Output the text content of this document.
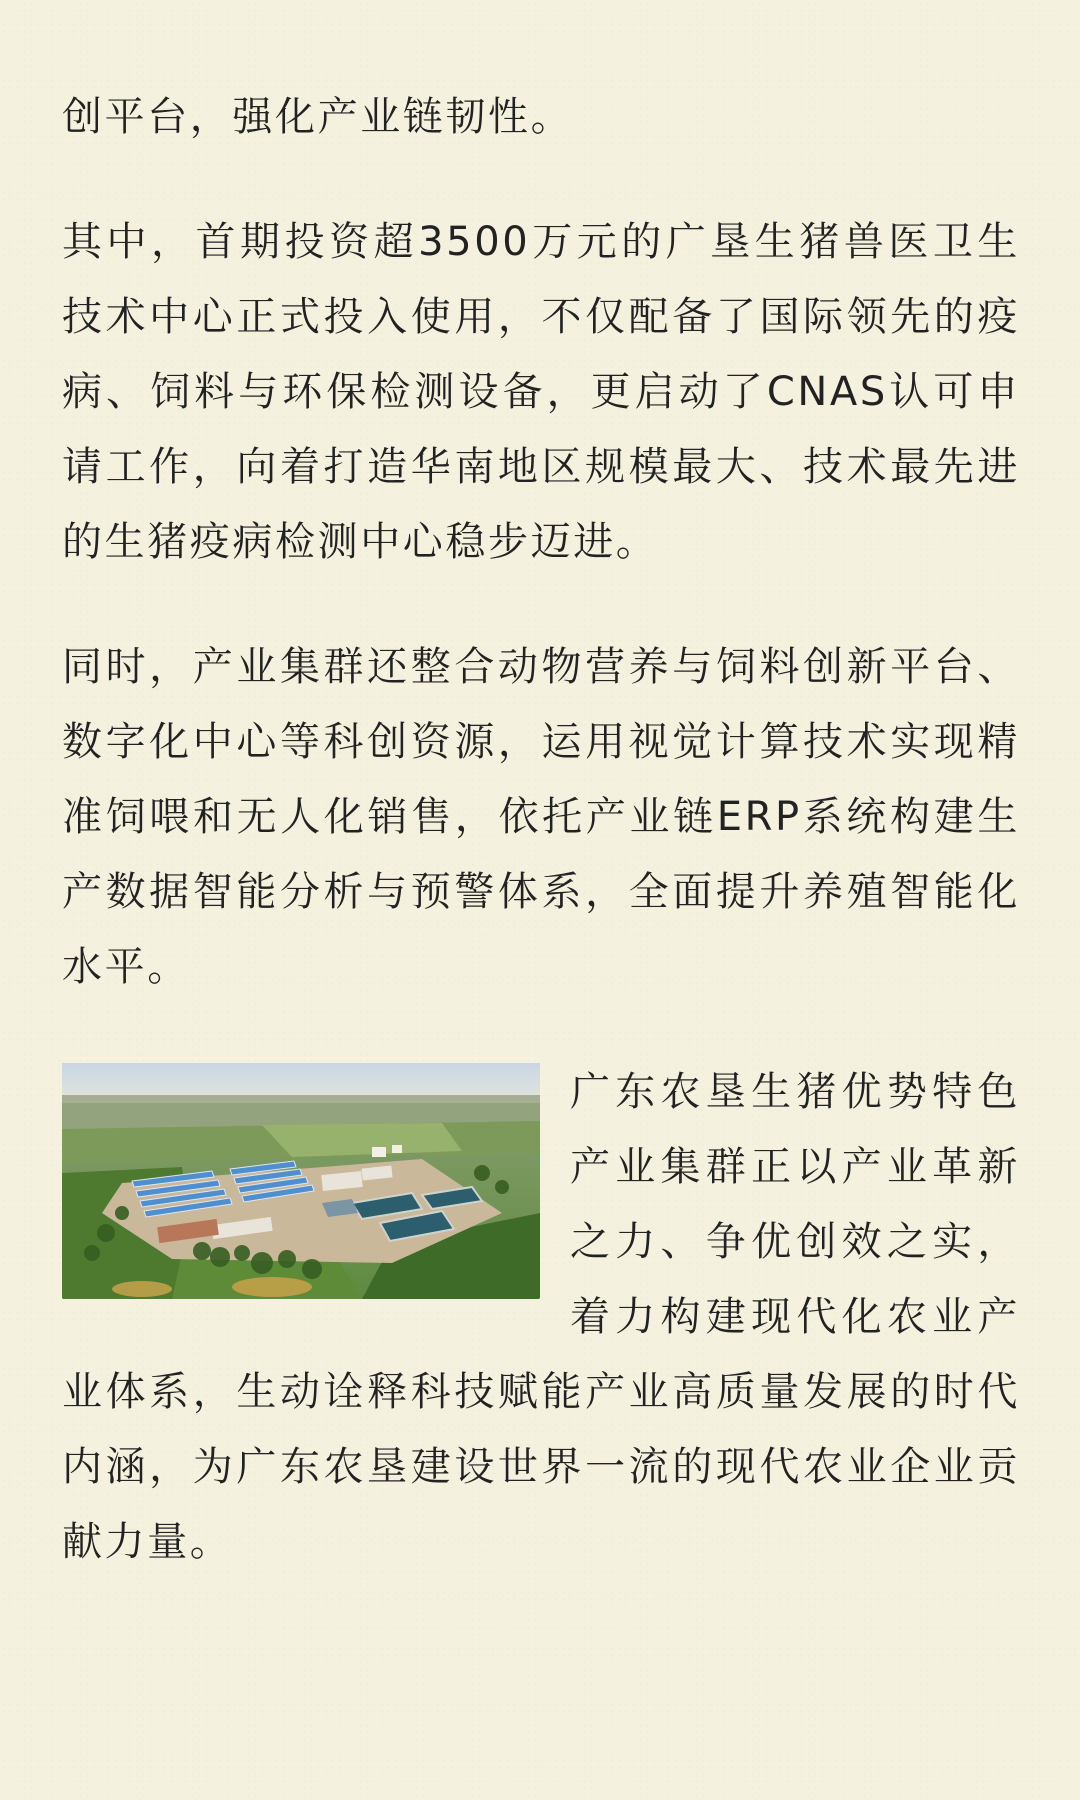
创平台，强化产业链韧性。

其中，首期投资超3500万元的广垦生猪兽医卫生技术中心正式投入使用，不仅配备了国际领先的疫病、饲料与环保检测设备，更启动了CNAS认可申请工作，向着打造华南地区规模最大、技术最先进的生猪疫病检测中心稳步迈进。

同时，产业集群还整合动物营养与饲料创新平台、数字化中心等科创资源，运用视觉计算技术实现精准饲喂和无人化销售，依托产业链ERP系统构建生产数据智能分析与预警体系，全面提升养殖智能化水平。

广东农垦生猪优势特色产业集群正以产业革新之力、争优创效之实，着力构建现代化农业产业体系，生动诠释科技赋能产业高质量发展的时代内涵，为广东农垦建设世界一流的现代农业企业贡献力量。
